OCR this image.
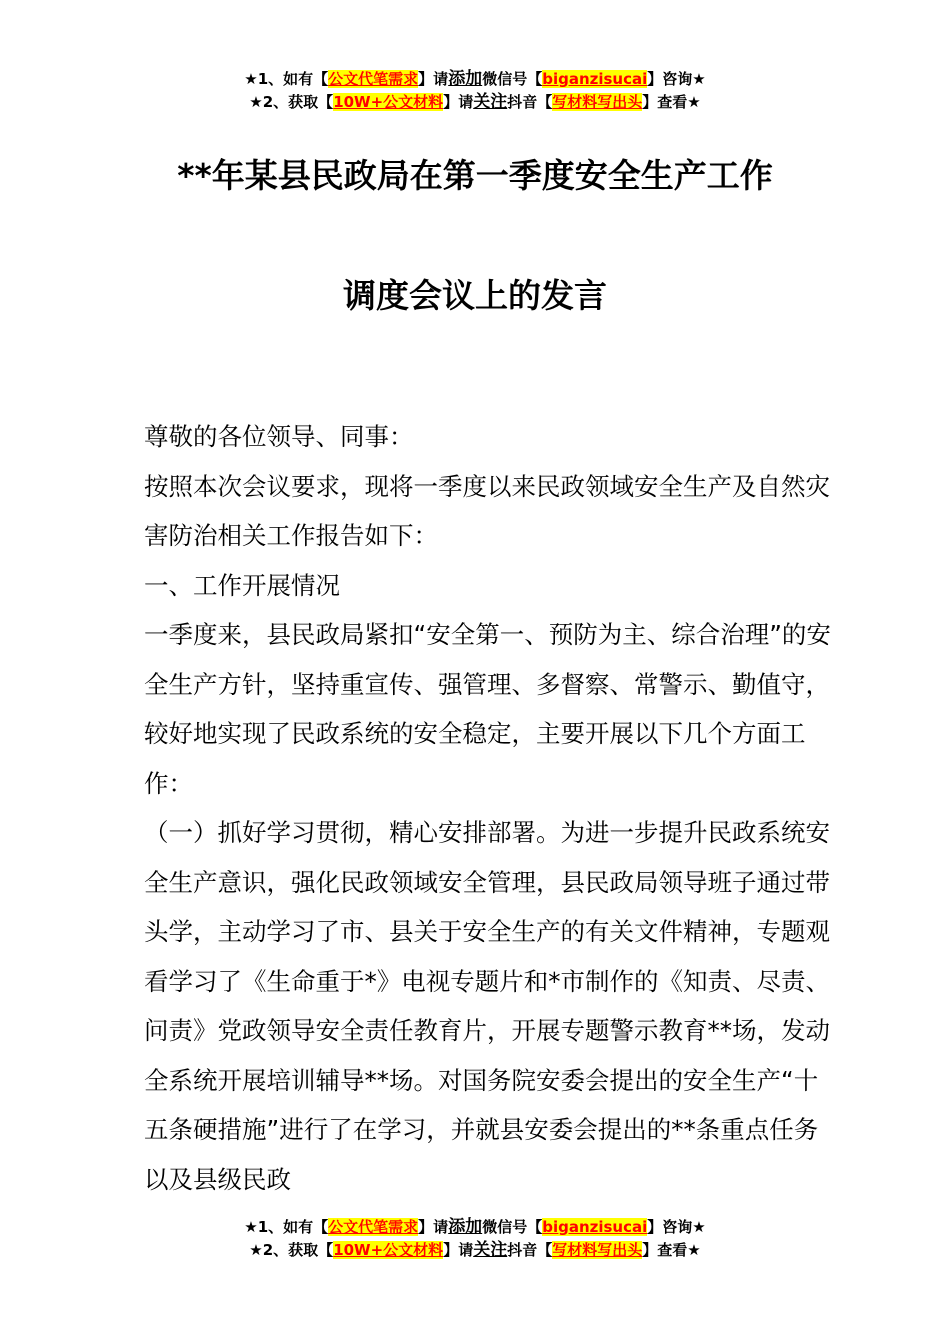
★1、如有【公文代笔需求】请添加微信号【biganzisucai】咨询★
★2、获取【10W+公文材料】请关注抖音【写材料写出头】查看★
**年某县民政局在第一季度安全生产工作
调度会议上的发言

尊敬的各位领导、同事：

按照本次会议要求，现将一季度以来民政领域安全生产及自然灾害防治相关工作报告如下：

一、工作开展情况

一季度来，县民政局紧扣“安全第一、预防为主、综合治理”的安全生产方针，坚持重宣传、强管理、多督察、常警示、勤值守，较好地实现了民政系统的安全稳定，主要开展以下几个方面工作：

（一）抓好学习贯彻，精心安排部署。为进一步提升民政系统安全生产意识，强化民政领域安全管理，县民政局领导班子通过带头学，主动学习了市、县关于安全生产的有关文件精神，专题观看学习了《生命重于*》电视专题片和*市制作的《知责、尽责、问责》党政领导安全责任教育片，开展专题警示教育**场，发动全系统开展培训辅导**场。对国务院安委会提出的安全生产“十五条硬措施”进行了在学习，并就县安委会提出的**条重点任务以及县级民政

★1、如有【公文代笔需求】请添加微信号【biganzisucai】咨询★
★2、获取【10W+公文材料】请关注抖音【写材料写出头】查看★
